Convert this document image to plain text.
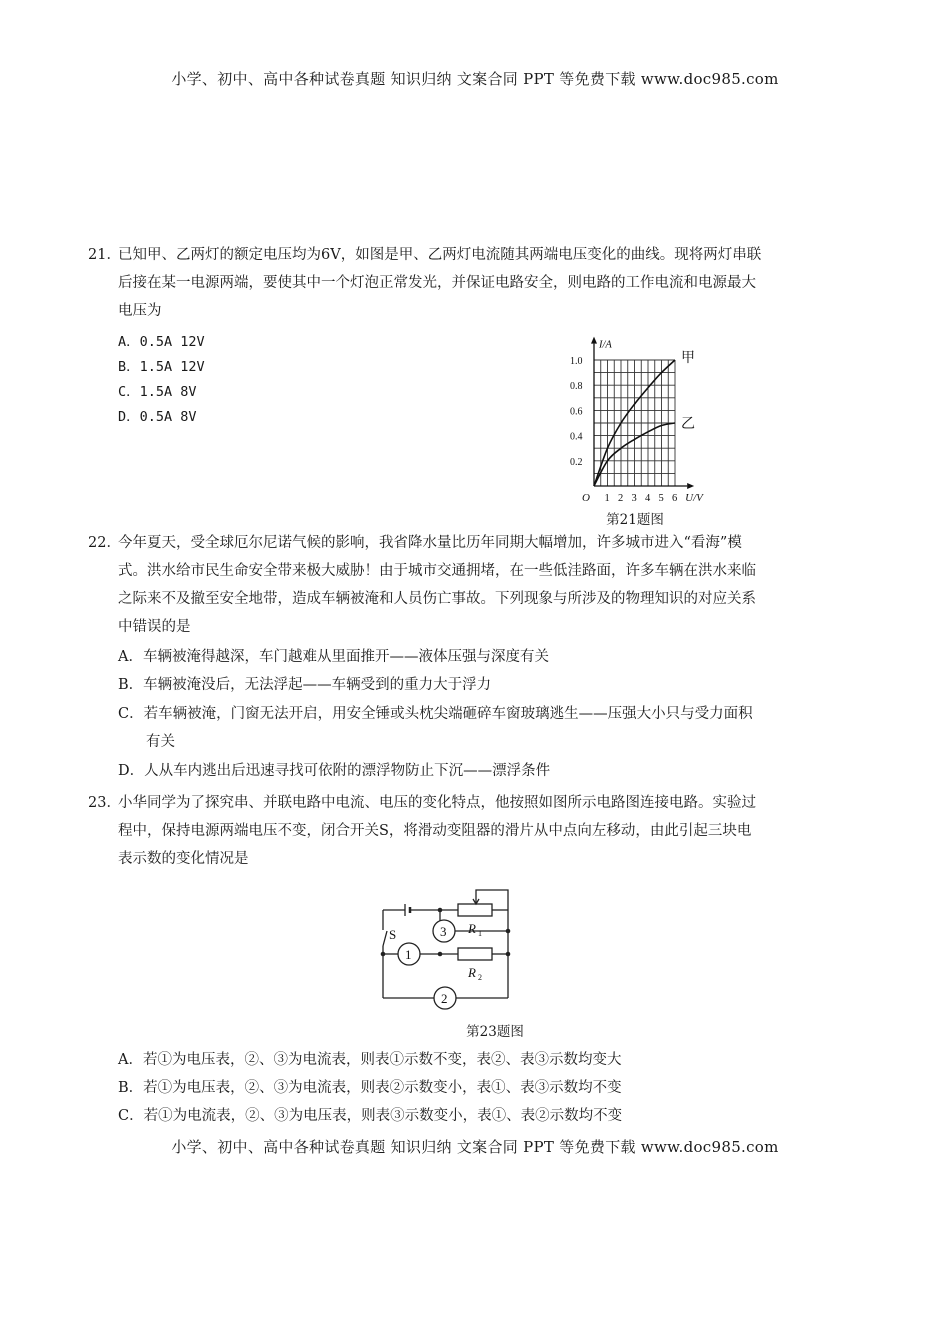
小学、初中、高中各种试卷真题 知识归纳 文案合同 PPT 等免费下载 www.doc985.com
小学、初中、高中各种试卷真题 知识归纳 文案合同 PPT 等免费下载 www.doc985.com
21．已知甲、乙两灯的额定电压均为6V，如图是甲、乙两灯电流随其两端电压变化的曲线。现将两灯串联
后接在某一电源两端，要使其中一个灯泡正常发光，并保证电路安全，则电路的工作电流和电源最大
电压为
A．0.5A 12V
B．1.5A 12V
C．1.5A 8V
D．0.5A 8V
1 2 3 4 5 6
0.2
0.4
0.6
0.8
1.0
O	U/V
I/A
甲
乙
第21题图
22．今年夏天，受全球厄尔尼诺气候的影响，我省降水量比历年同期大幅增加，许多城市进入“看海”模
式。洪水给市民生命安全带来极大威胁！由于城市交通拥堵，在一些低洼路面，许多车辆在洪水来临
之际来不及撤至安全地带，造成车辆被淹和人员伤亡事故。下列现象与所涉及的物理知识的对应关系
中错误的是
A．车辆被淹得越深，车门越难从里面推开——液体压强与深度有关
B．车辆被淹没后，无法浮起——车辆受到的重力大于浮力
C．若车辆被淹，门窗无法开启，用安全锤或头枕尖端砸碎车窗玻璃逃生——压强大小只与受力面积
有关
D．人从车内逃出后迅速寻找可依附的漂浮物防止下沉——漂浮条件
23．小华同学为了探究串、并联电路中电流、电压的变化特点，他按照如图所示电路图连接电路。实验过
程中，保持电源两端电压不变，闭合开关S，将滑动变阻器的滑片从中点向左移动，由此引起三块电
表示数的变化情况是
S	3
1
2
R 1
R 2
第23题图
A．若①为电压表，②、③为电流表，则表①示数不变，表②、表③示数均变大
B．若①为电压表，②、③为电流表，则表②示数变小，表①、表③示数均不变
C．若①为电流表，②、③为电压表，则表③示数变小，表①、表②示数均不变
